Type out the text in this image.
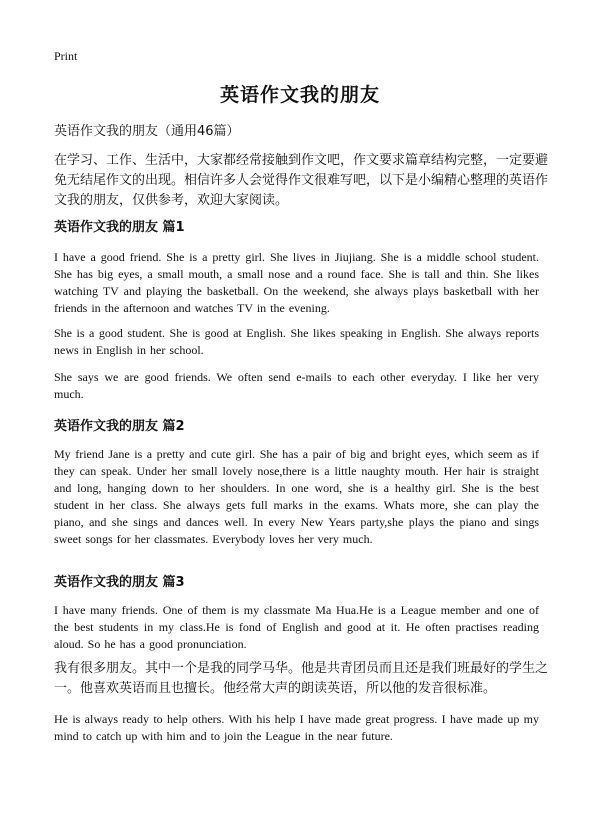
Print
英语作文我的朋友
英语作文我的朋友（通用46篇）
在学习、工作、生活中，大家都经常接触到作文吧，作文要求篇章结构完整，一定要避免无结尾作文的出现。相信许多人会觉得作文很难写吧，以下是小编精心整理的英语作文我的朋友，仅供参考，欢迎大家阅读。
英语作文我的朋友 篇1
I have a good friend. She is a pretty girl. She lives in Jiujiang. She is a middle school student. She has big eyes, a small mouth, a small nose and a round face. She is tall and thin. She likes watching TV and playing the basketball. On the weekend, she always plays basketball with her friends in the afternoon and watches TV in the evening.
She is a good student. She is good at English. She likes speaking in English. She always reports news in English in her school.
She says we are good friends. We often send e-mails to each other everyday. I like her very much.
英语作文我的朋友 篇2
My friend Jane is a pretty and cute girl. She has a pair of big and bright eyes, which seem as if they can speak. Under her small lovely nose,there is a little naughty mouth. Her hair is straight and long, hanging down to her shoulders. In one word, she is a healthy girl. She is the best student in her class. She always gets full marks in the exams. Whats more, she can play the piano, and she sings and dances well. In every New Years party,she plays the piano and sings sweet songs for her classmates. Everybody loves her very much.
英语作文我的朋友 篇3
I have many friends. One of them is my classmate Ma Hua.He is a League member and one of the best students in my class.He is fond of English and good at it. He often practises reading aloud. So he has a good pronunciation.
我有很多朋友。其中一个是我的同学马华。他是共青团员而且还是我们班最好的学生之一。他喜欢英语而且也擅长。他经常大声的朗读英语，所以他的发音很标准。
He is always ready to help others. With his help I have made great progress. I have made up my mind to catch up with him and to join the League in the near future.
